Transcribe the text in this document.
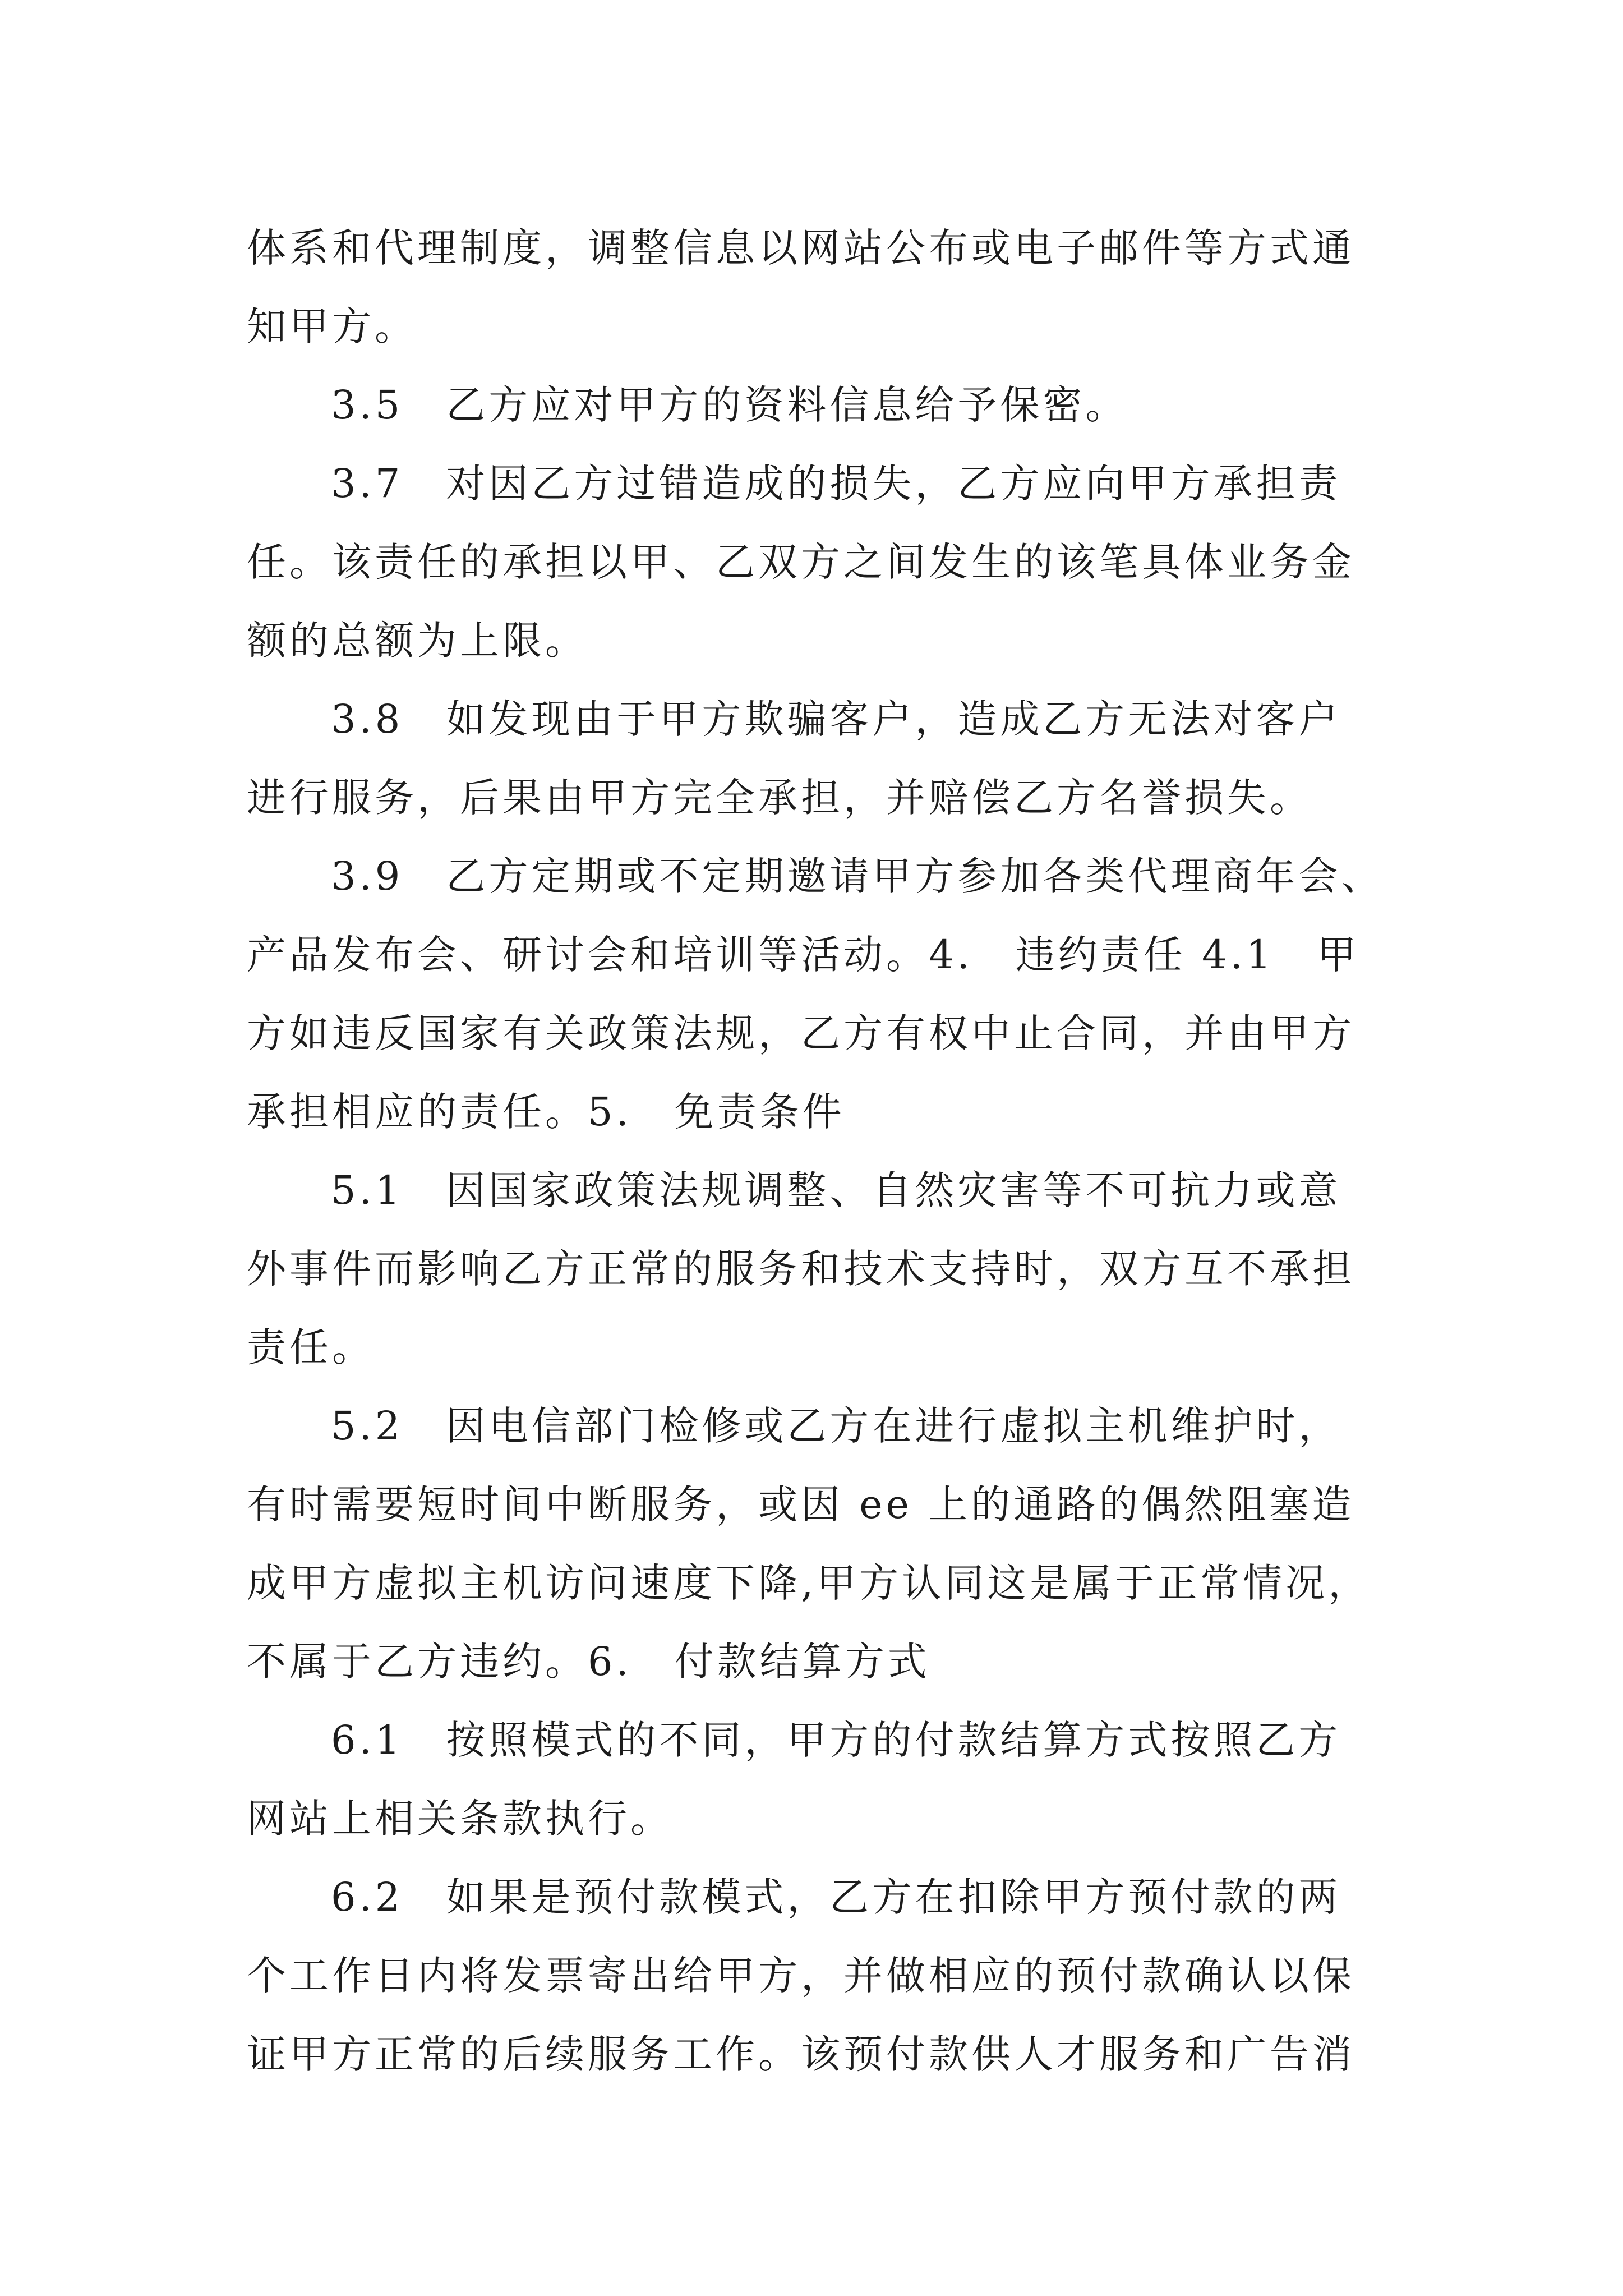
体系和代理制度，调整信息以网站公布或电子邮件等方式通
知甲方。
3.5　乙方应对甲方的资料信息给予保密。
3.7　对因乙方过错造成的损失，乙方应向甲方承担责
任。该责任的承担以甲、乙双方之间发生的该笔具体业务金
额的总额为上限。
3.8　如发现由于甲方欺骗客户，造成乙方无法对客户
进行服务，后果由甲方完全承担，并赔偿乙方名誉损失。
3.9　乙方定期或不定期邀请甲方参加各类代理商年会、
产品发布会、研讨会和培训等活动。4.　违约责任 4.1　甲
方如违反国家有关政策法规，乙方有权中止合同，并由甲方
承担相应的责任。5.　免责条件
5.1　因国家政策法规调整、自然灾害等不可抗力或意
外事件而影响乙方正常的服务和技术支持时，双方互不承担
责任。
5.2　因电信部门检修或乙方在进行虚拟主机维护时，
有时需要短时间中断服务，或因 ee 上的通路的偶然阻塞造
成甲方虚拟主机访问速度下降,甲方认同这是属于正常情况，
不属于乙方违约。6.　付款结算方式
6.1　按照模式的不同，甲方的付款结算方式按照乙方
网站上相关条款执行。
6.2　如果是预付款模式，乙方在扣除甲方预付款的两
个工作日内将发票寄出给甲方，并做相应的预付款确认以保
证甲方正常的后续服务工作。该预付款供人才服务和广告消
